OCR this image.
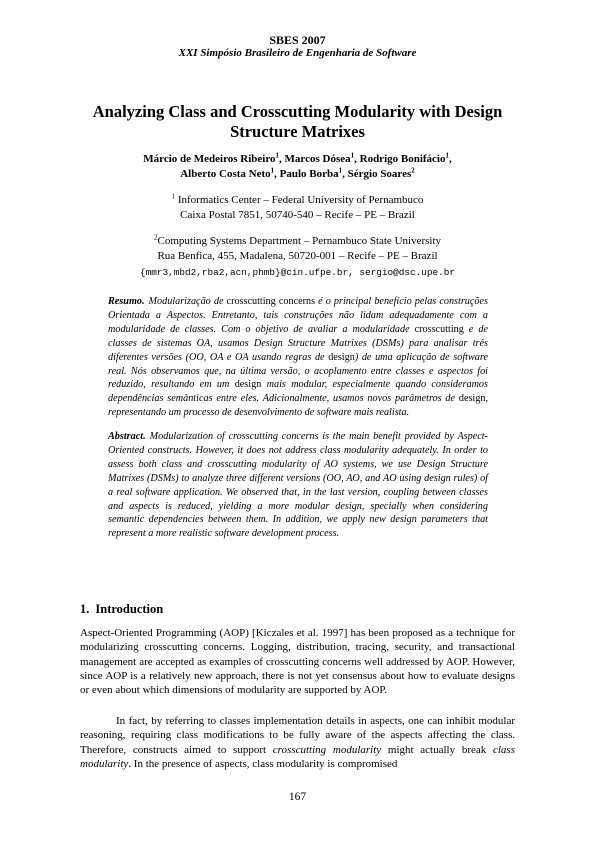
SBES 2007
XXI Simpósio Brasileiro de Engenharia de Software
Analyzing Class and Crosscutting Modularity with Design Structure Matrixes
Márcio de Medeiros Ribeiro$^1$, Marcos Dósea$^1$, Rodrigo Bonifácio$^1$,
Alberto Costa Neto$^1$, Paulo Borba$^1$, Sérgio Soares$^2$
$^1$ Informatics Center – Federal University of Pernambuco
Caixa Postal 7851, 50740-540 – Recife – PE – Brazil
$^2$Computing Systems Department – Pernambuco State University
Rua Benfica, 455, Madalena, 50720-001 – Recife – PE – Brazil
{mmr3,mbd2,rba2,acn,phmb}@cin.ufpe.br, sergio@dsc.upe.br
Resumo. Modularização de crosscutting concerns é o principal benefício pelas construções Orientada a Aspectos. Entretanto, tais construções não lidam adequadamente com a modularidade de classes. Com o objetivo de avaliar a modularidade crosscutting e de classes de sistemas OA, usamos Design Structure Matrixes (DSMs) para analisar três diferentes versões (OO, OA e OA usando regras de design) de uma aplicação de software real. Nós observamos que, na última versão, o acoplamento entre classes e aspectos foi reduzido, resultando em um design mais modular, especialmente quando consideramos dependências semânticas entre eles. Adicionalmente, usamos novos parâmetros de design, representando um processo de desenvolvimento de software mais realista.
Abstract. Modularization of crosscutting concerns is the main benefit provided by Aspect-Oriented constructs. However, it does not address class modularity adequately. In order to assess both class and crosscutting modularity of AO systems, we use Design Structure Matrixes (DSMs) to analyze three different versions (OO, AO, and AO using design rules) of a real software application. We observed that, in the last version, coupling between classes and aspects is reduced, yielding a more modular design, specially when considering semantic dependencies between them. In addition, we apply new design parameters that represent a more realistic software development process.
1. Introduction
Aspect-Oriented Programming (AOP) [Kiczales et al. 1997] has been proposed as a technique for modularizing crosscutting concerns. Logging, distribution, tracing, security, and transactional management are accepted as examples of crosscutting concerns well addressed by AOP. However, since AOP is a relatively new approach, there is not yet consensus about how to evaluate designs or even about which dimensions of modularity are supported by AOP.
In fact, by referring to classes implementation details in aspects, one can inhibit modular reasoning, requiring class modifications to be fully aware of the aspects affecting the class. Therefore, constructs aimed to support crosscutting modularity might actually break class modularity. In the presence of aspects, class modularity is compromised
167
